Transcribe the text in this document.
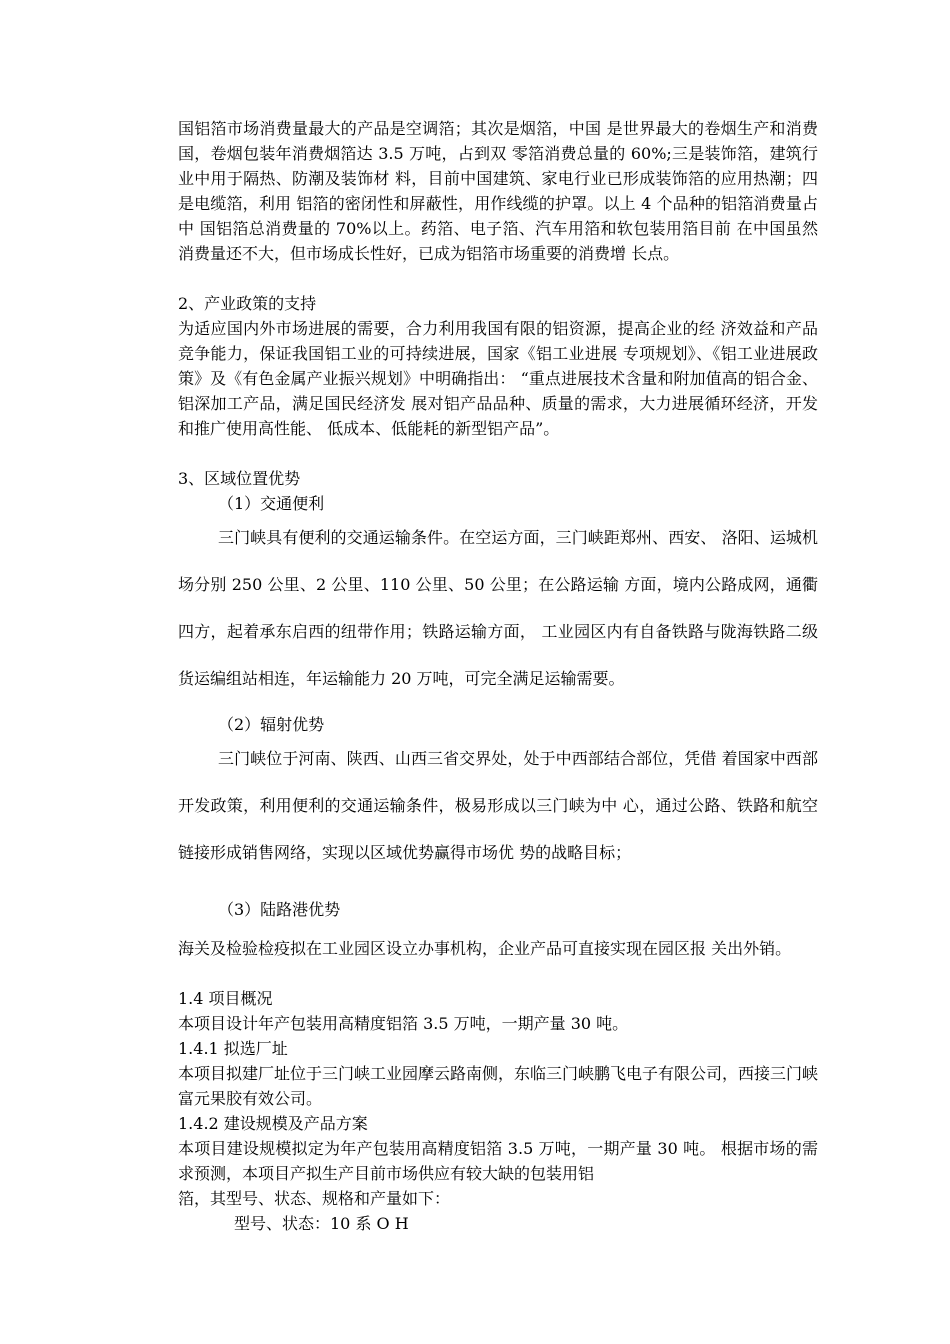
国铝箔市场消费量最大的产品是空调箔；其次是烟箔，中国 是世界最大的卷烟生产和消费国，卷烟包装年消费烟箔达 3.5 万吨，占到双 零箔消费总量的 60%;三是装饰箔，建筑行业中用于隔热、防潮及装饰材 料，目前中国建筑、家电行业已形成装饰箔的应用热潮；四是电缆箔，利用 铝箔的密闭性和屏蔽性，用作线缆的护罩。以上 4 个品种的铝箔消费量占中 国铝箔总消费量的 70%以上。药箔、电子箔、汽车用箔和软包装用箔目前 在中国虽然消费量还不大，但市场成长性好，已成为铝箔市场重要的消费增 长点。

2、产业政策的支持

为适应国内外市场进展的需要，合力利用我国有限的铝资源，提高企业的经 济效益和产品竞争能力，保证我国铝工业的可持续进展，国家《铝工业进展 专项规划》、《铝工业进展政策》及《有色金属产业振兴规划》中明确指出： “重点进展技术含量和附加值高的铝合金、铝深加工产品，满足国民经济发 展对铝产品品种、质量的需求，大力进展循环经济，开发和推广使用高性能、 低成本、低能耗的新型铝产品”。

3、区域位置优势
（1）交通便利

三门峡具有便利的交通运输条件。在空运方面，三门峡距郑州、西安、 洛阳、运城机场分别 250 公里、2 公里、110 公里、50 公里；在公路运输 方面，境内公路成网，通衢四方，起着承东启西的纽带作用；铁路运输方面， 工业园区内有自备铁路与陇海铁路二级货运编组站相连，年运输能力 20 万吨，可完全满足运输需要。

（2）辐射优势

三门峡位于河南、陕西、山西三省交界处，处于中西部结合部位，凭借 着国家中西部开发政策，利用便利的交通运输条件，极易形成以三门峡为中 心，通过公路、铁路和航空链接形成销售网络，实现以区域优势赢得市场优 势的战略目标；

（3）陆路港优势

海关及检验检疫拟在工业园区设立办事机构，企业产品可直接实现在园区报 关出外销。

1.4 项目概况
本项目设计年产包装用高精度铝箔 3.5 万吨，一期产量 30 吨。
1.4.1 拟选厂址

本项目拟建厂址位于三门峡工业园摩云路南侧，东临三门峡鹏飞电子有限公司，西接三门峡富元果胶有效公司。

1.4.2 建设规模及产品方案

本项目建设规模拟定为年产包装用高精度铝箔 3.5 万吨，一期产量 30 吨。 根据市场的需求预测，本项目产拟生产目前市场供应有较大缺的包装用铝

箔，其型号、状态、规格和产量如下：
型号、状态：10 系 O H
